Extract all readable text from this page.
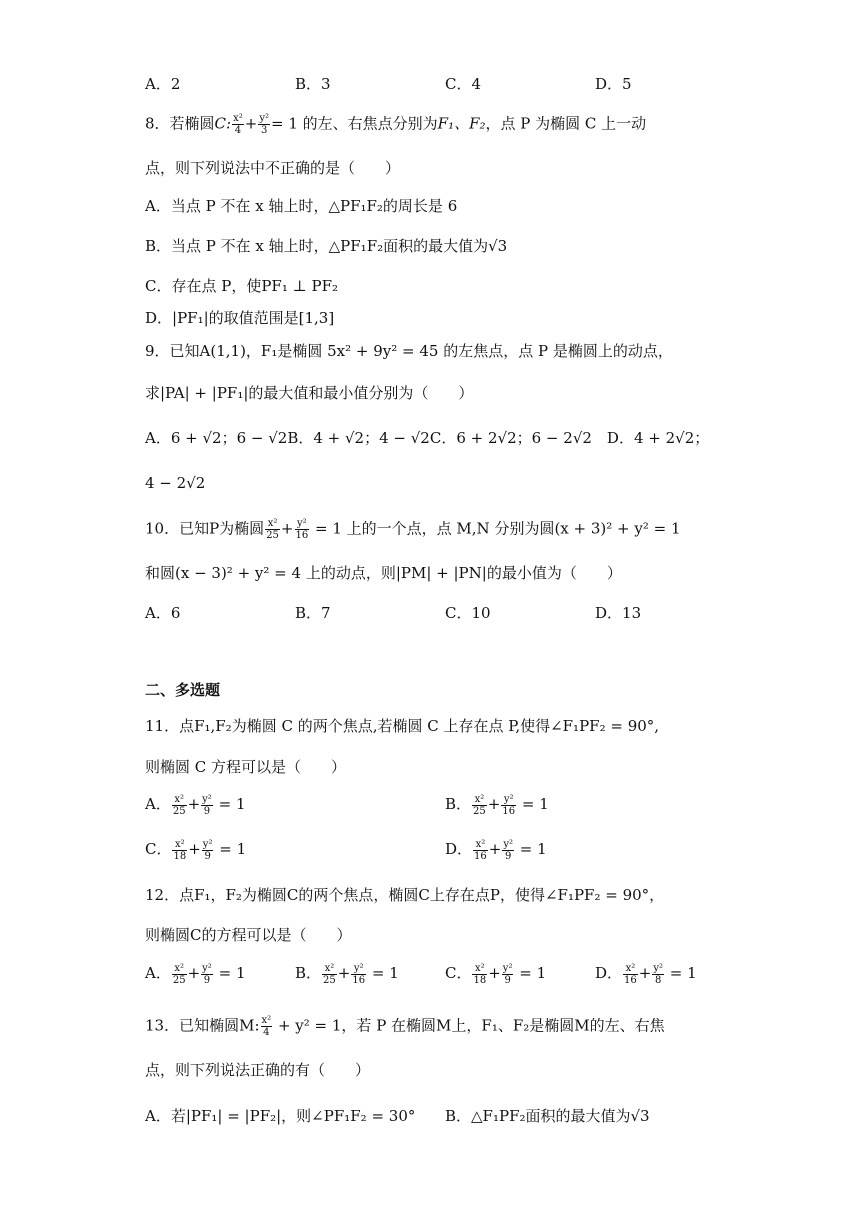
A．2	B．3	C．4	D．5
8．若椭圆C: $\frac{\text{x²}}{4} + \frac{\text{y²}}{3} = 1$ 的左、右焦点分别为F₁、F₂，点 P 为椭圆 C 上一动
点，则下列说法中不正确的是（　　）
A．当点 P 不在 x 轴上时，△PF₁F₂的周长是 6
B．当点 P 不在 x 轴上时，△PF₁F₂面积的最大值为√3
C．存在点 P，使PF₁ ⊥ PF₂
D．|PF₁|的取值范围是[1,3]
9．已知A(1,1)，F₁是椭圆 5x² + 9y² = 45 的左焦点，点 P 是椭圆上的动点，
求|PA| + |PF₁|的最大值和最小值分别为（　　）
A．6 + √2；6 − √2B．4 + √2；4 − √2C．6 + 2√2；6 − 2√2　D．4 + 2√2；
4 − 2√2
10．已知P为椭圆 $\frac{\text{x²}}{25} + \frac{\text{y²}}{16} = 1$ 上的一个点，点 M,N 分别为圆(x + 3)² + y² = 1
和圆(x − 3)² + y² = 4 上的动点，则|PM| + |PN|的最小值为（　　）
A．6	B．7	C．10	D．13
二、多选题
11．点F₁,F₂为椭圆 C 的两个焦点,若椭圆 C 上存在点 P,使得∠F₁PF₂ = 90°,
则椭圆 C 方程可以是（　　）
A． $\frac{\text{x²}}{25} + \frac{\text{y²}}{9} = 1$	B． $\frac{\text{x²}}{25} + \frac{\text{y²}}{16} = 1$
C． $\frac{\text{x²}}{18} + \frac{\text{y²}}{9} = 1$	D． $\frac{\text{x²}}{16} + \frac{\text{y²}}{9} = 1$
12．点F₁，F₂为椭圆C的两个焦点，椭圆C上存在点P，使得∠F₁PF₂ = 90°，
则椭圆C的方程可以是（　　）
A． $\frac{\text{x²}}{25} + \frac{\text{y²}}{9} = 1$	B． $\frac{\text{x²}}{25} + \frac{\text{y²}}{16} = 1$	C． $\frac{\text{x²}}{18} + \frac{\text{y²}}{9} = 1$	D． $\frac{\text{x²}}{16} + \frac{\text{y²}}{8} = 1$
13．已知椭圆M: $\frac{\text{x²}}{4} + y^2 = 1$，若 P 在椭圆M上，F₁、F₂是椭圆M的左、右焦
点，则下列说法正确的有（　　）
A．若|PF₁| = |PF₂|，则∠PF₁F₂ = 30° B．△F₁PF₂面积的最大值为√3
